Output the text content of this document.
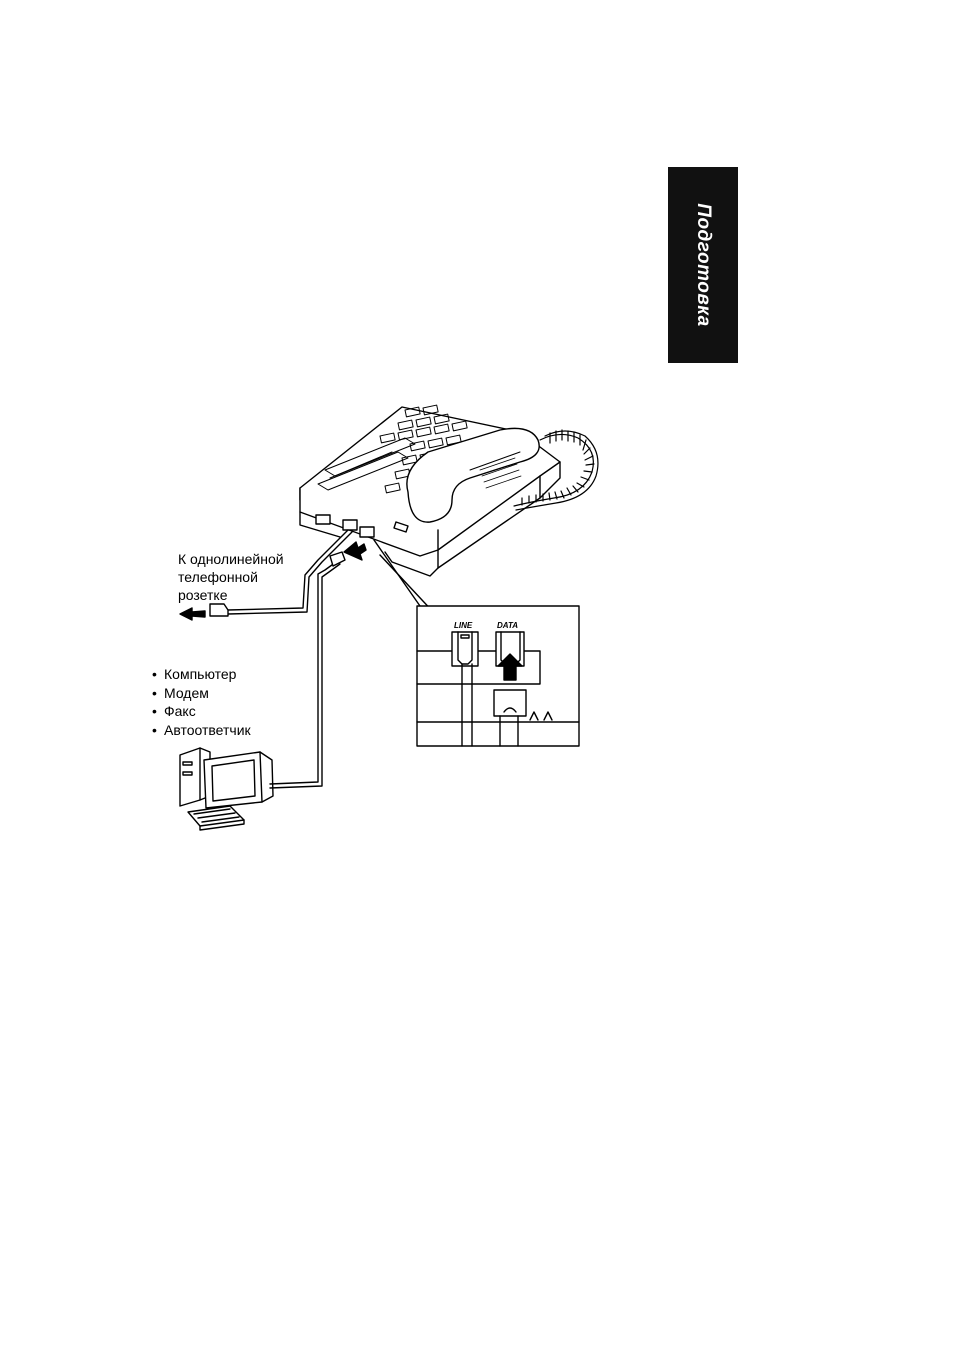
Подготовка
LINE	DATA
К однолинейной
телефонной
розетке
• Компьютер
• Модем
• Факс
• Автоответчик
